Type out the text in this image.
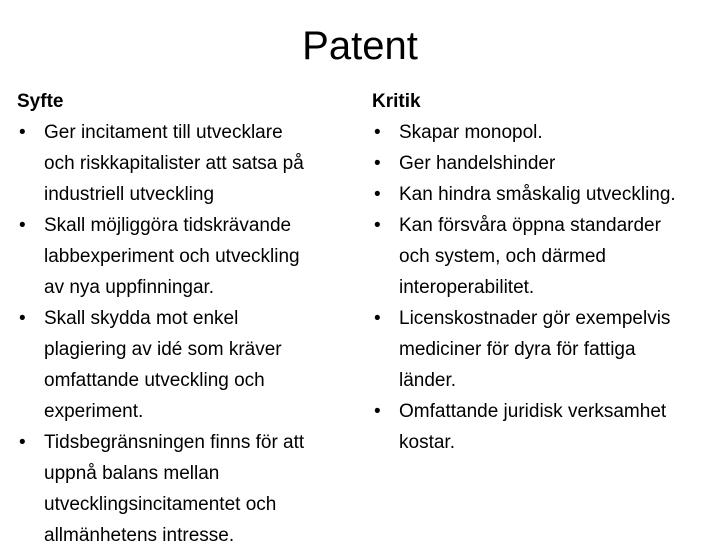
Patent
Syfte
• Ger incitament till utvecklare
och riskkapitalister att satsa på
industriell utveckling
• Skall möjliggöra tidskrävande
labbexperiment och utveckling
av nya uppfinningar.
• Skall skydda mot enkel
plagiering av idé som kräver
omfattande utveckling och
experiment.
• Tidsbegränsningen finns för att
uppnå balans mellan
utvecklingsincitamentet och
allmänhetens intresse.
Kritik
• Skapar monopol.
• Ger handelshinder
• Kan hindra småskalig utveckling.
• Kan försvåra öppna standarder
och system, och därmed
interoperabilitet.
• Licenskostnader gör exempelvis
mediciner för dyra för fattiga
länder.
• Omfattande juridisk verksamhet
kostar.
